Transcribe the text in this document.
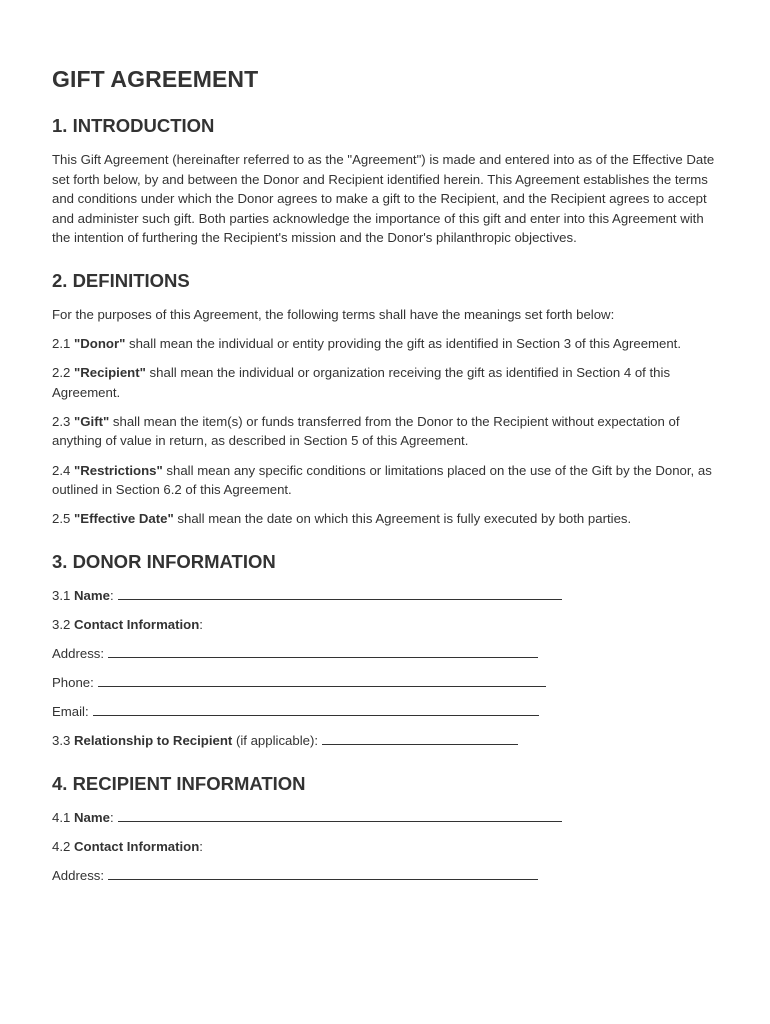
GIFT AGREEMENT
1. INTRODUCTION

This Gift Agreement (hereinafter referred to as the "Agreement") is made and entered into as of the Effective Date set forth below, by and between the Donor and Recipient identified herein. This Agreement establishes the terms and conditions under which the Donor agrees to make a gift to the Recipient, and the Recipient agrees to accept and administer such gift. Both parties acknowledge the importance of this gift and enter into this Agreement with the intention of furthering the Recipient's mission and the Donor's philanthropic objectives.

2. DEFINITIONS

For the purposes of this Agreement, the following terms shall have the meanings set forth below:

2.1 "Donor" shall mean the individual or entity providing the gift as identified in Section 3 of this Agreement.

2.2 "Recipient" shall mean the individual or organization receiving the gift as identified in Section 4 of this Agreement.

2.3 "Gift" shall mean the item(s) or funds transferred from the Donor to the Recipient without expectation of anything of value in return, as described in Section 5 of this Agreement.

2.4 "Restrictions" shall mean any specific conditions or limitations placed on the use of the Gift by the Donor, as outlined in Section 6.2 of this Agreement.

2.5 "Effective Date" shall mean the date on which this Agreement is fully executed by both parties.

3. DONOR INFORMATION
3.1 Name:
3.2 Contact Information:
Address:
Phone:
Email:
3.3 Relationship to Recipient (if applicable):
4. RECIPIENT INFORMATION
4.1 Name:
4.2 Contact Information:
Address:
